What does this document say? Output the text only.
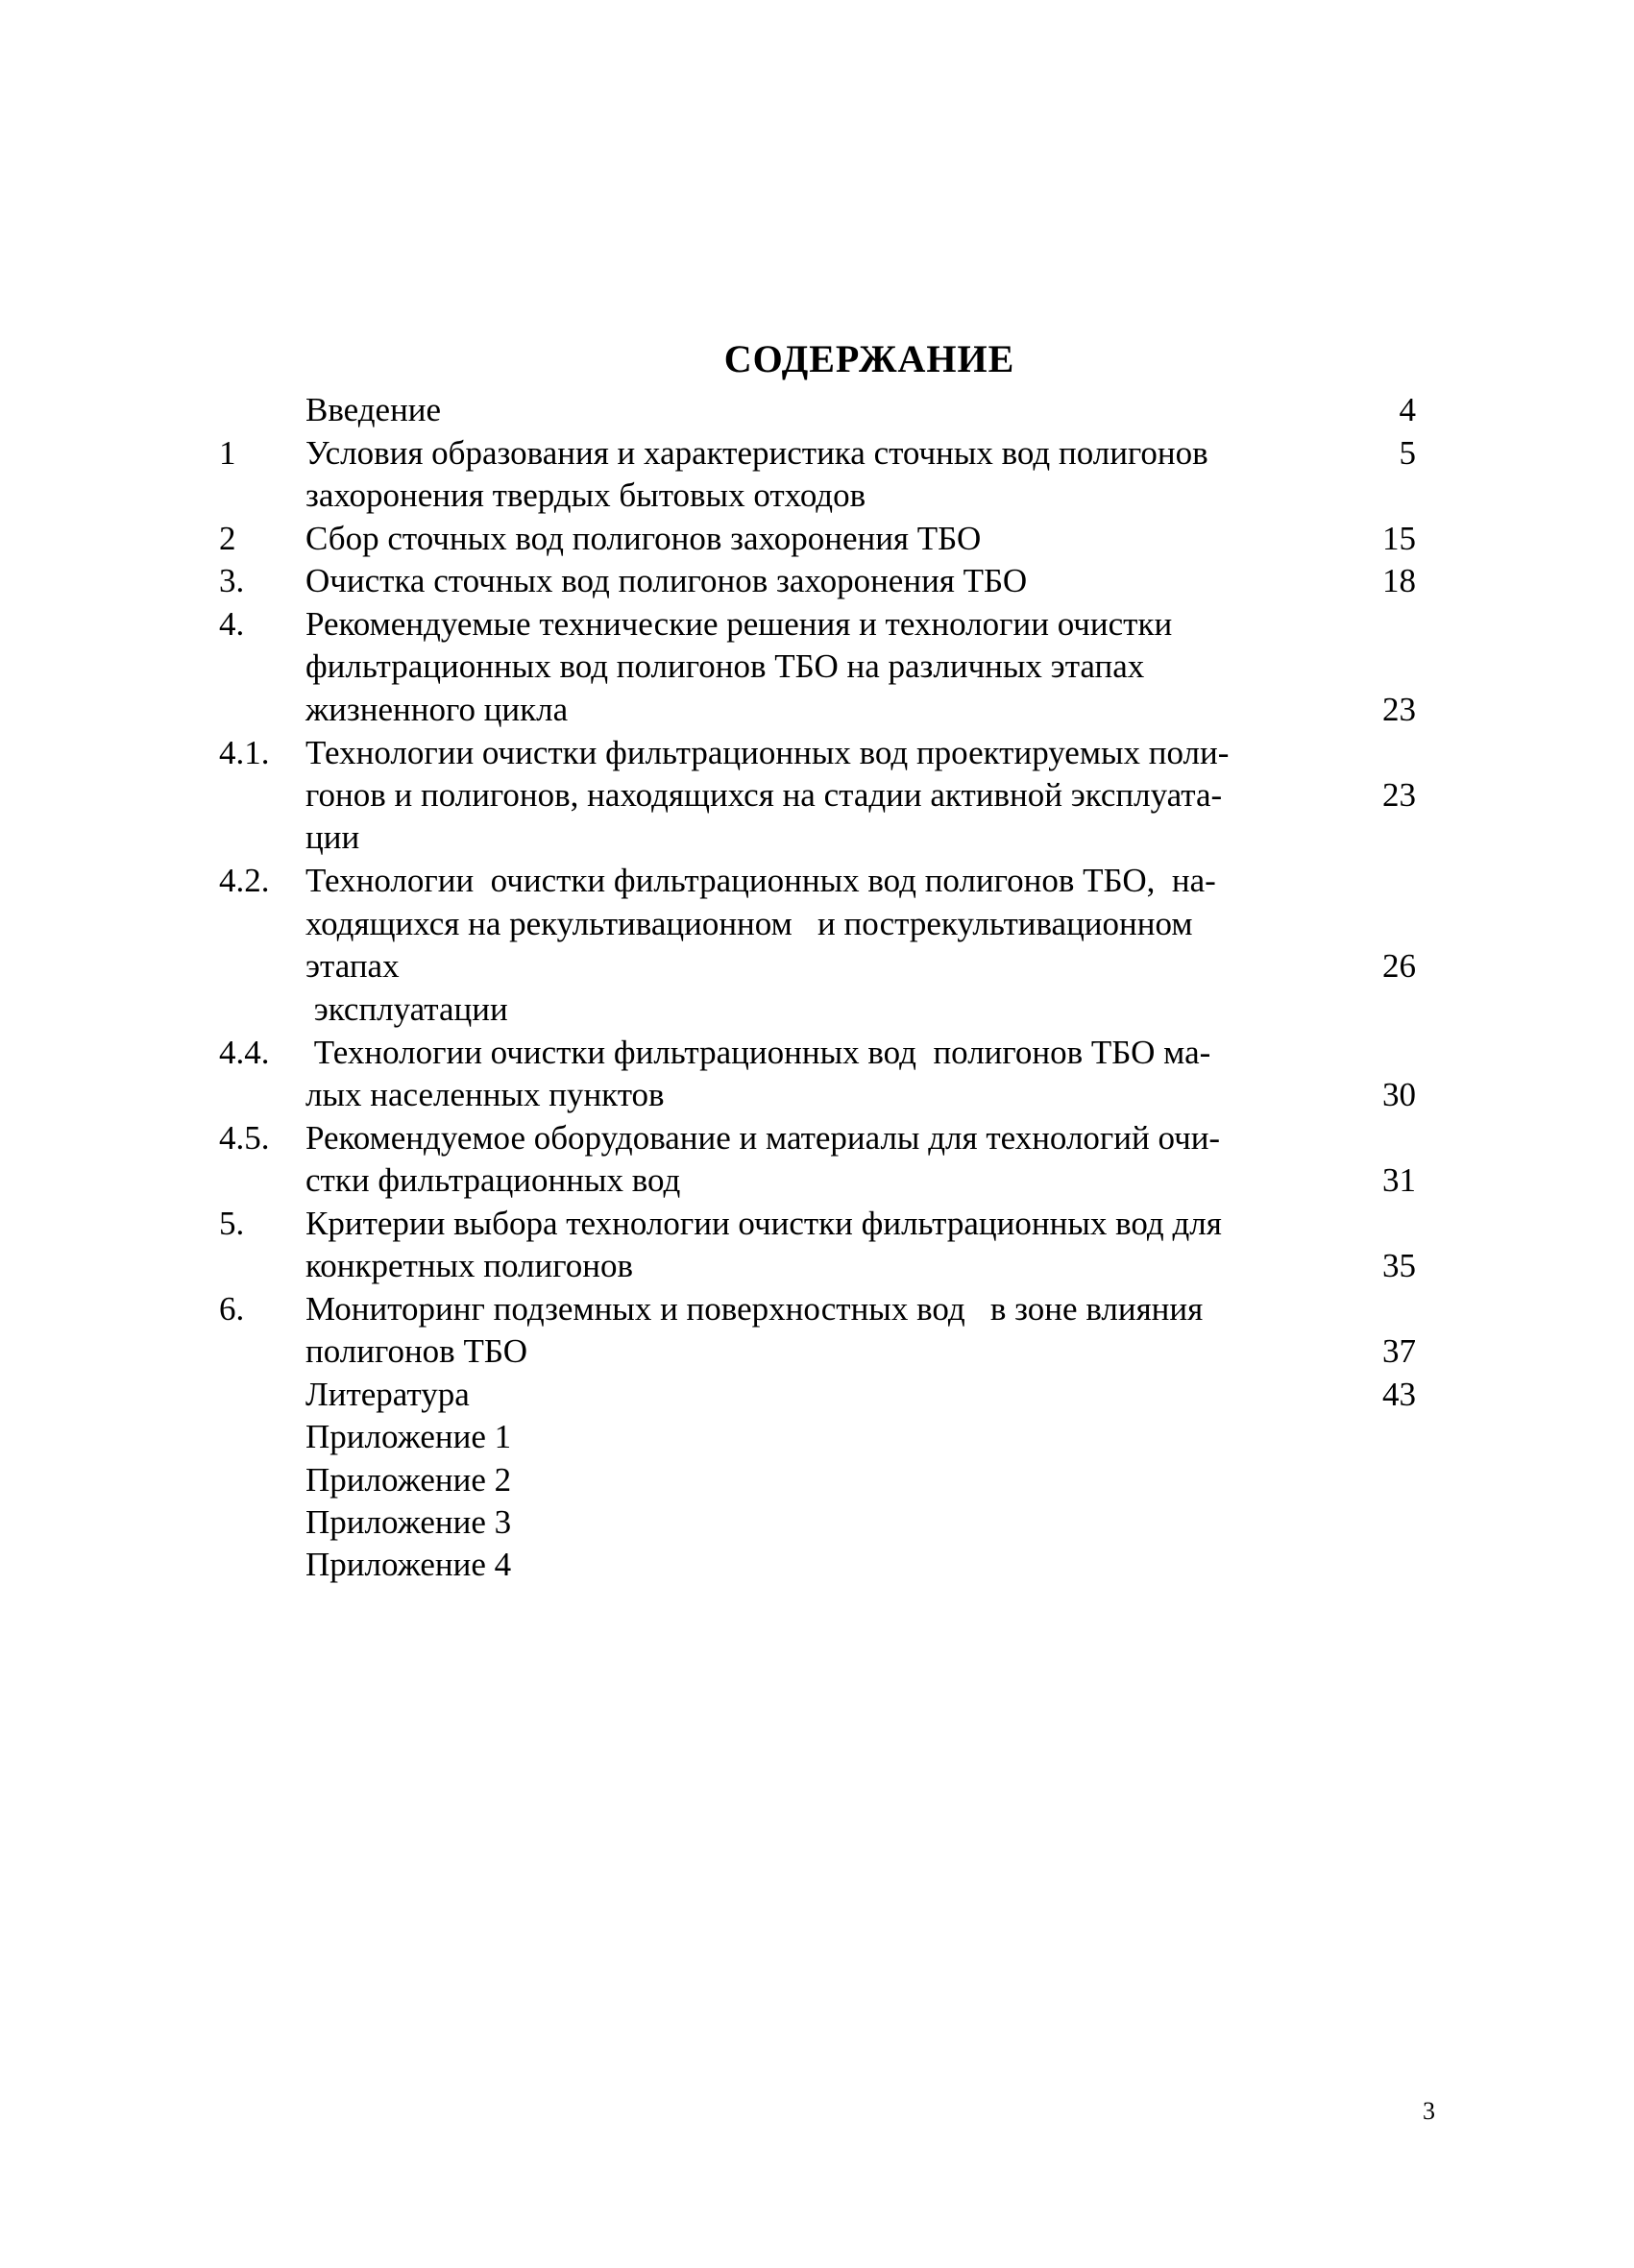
СОДЕРЖАНИЕ
Введение	4
1 Условия образования и характеристика сточных вод полигонов	5
захоронения твердых бытовых отходов
2 Сбор сточных вод полигонов захоронения ТБО	15
3. Очистка сточных вод полигонов захоронения ТБО	18
4. Рекомендуемые технические решения и технологии очистки
фильтрационных вод полигонов ТБО на различных этапах
жизненного цикла	23
4.1. Технологии очистки фильтрационных вод проектируемых поли-
гонов и полигонов, находящихся на стадии активной эксплуата-	23
ции
4.2. Технологии  очистки фильтрационных вод полигонов ТБО,  на-
ходящихся на рекультивационном   и пострекультивационном
этапах	26
эксплуатации
4.4. Технологии очистки фильтрационных вод  полигонов ТБО ма-
лых населенных пунктов	30
4.5. Рекомендуемое оборудование и материалы для технологий очи-
стки фильтрационных вод	31
5. Критерии выбора технологии очистки фильтрационных вод для
конкретных полигонов	35
6. Мониторинг подземных и поверхностных вод   в зоне влияния
полигонов ТБО	37
Литература	43
Приложение 1
Приложение 2
Приложение 3
Приложение 4
3
